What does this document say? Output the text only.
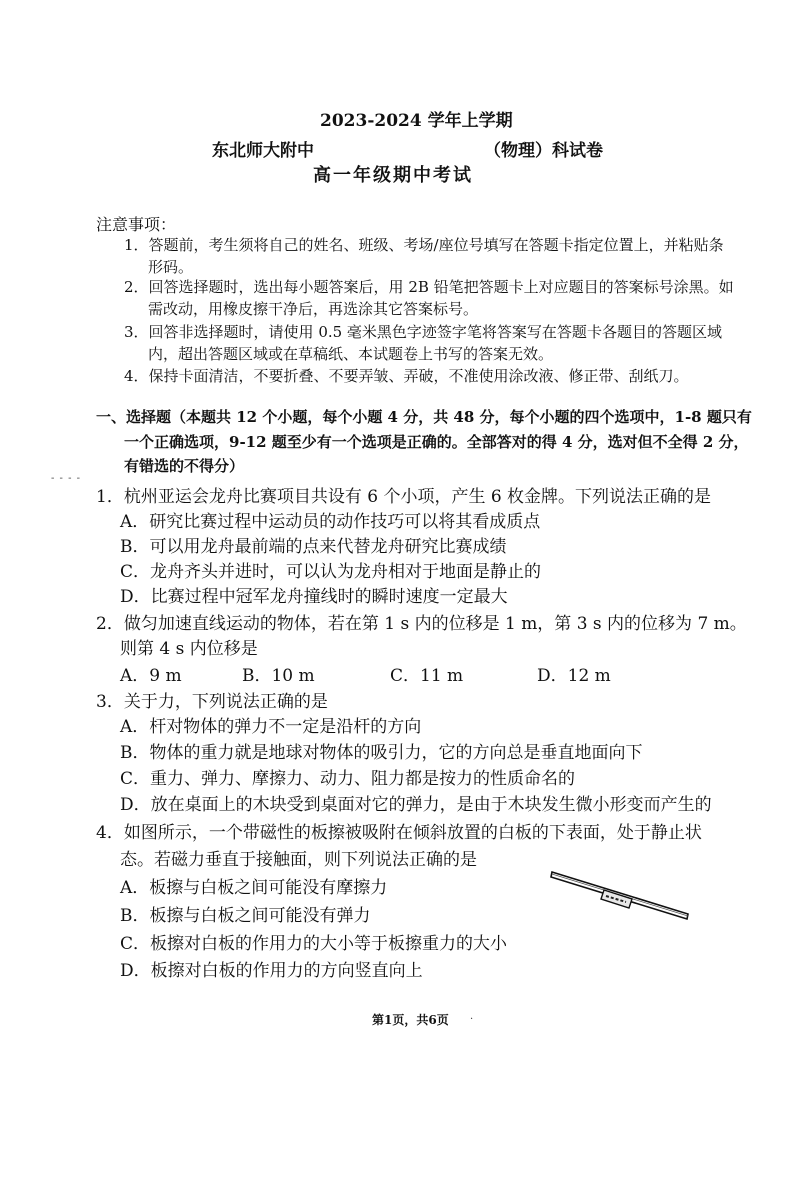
2023-2024 学年上学期
东北师大附中	（物理）科试卷
高一年级期中考试
注意事项：
1．答题前，考生须将自己的姓名、班级、考场/座位号填写在答题卡指定位置上，并粘贴条
形码。
2．回答选择题时，选出每小题答案后，用 2B 铅笔把答题卡上对应题目的答案标号涂黑。如
需改动，用橡皮擦干净后，再选涂其它答案标号。
3．回答非选择题时，请使用 0.5 毫米黑色字迹签字笔将答案写在答题卡各题目的答题区域
内，超出答题区域或在草稿纸、本试题卷上书写的答案无效。
4．保持卡面清洁，不要折叠、不要弄皱、弄破，不准使用涂改液、修正带、刮纸刀。
一、选择题（本题共 12 个小题，每个小题 4 分，共 48 分，每个小题的四个选项中，1-8 题只有
一个正确选项，9-12 题至少有一个选项是正确的。全部答对的得 4 分，选对但不全得 2 分，
有错选的不得分）
- - - -
1．杭州亚运会龙舟比赛项目共设有 6 个小项，产生 6 枚金牌。下列说法正确的是
A．研究比赛过程中运动员的动作技巧可以将其看成质点
B．可以用龙舟最前端的点来代替龙舟研究比赛成绩
C．龙舟齐头并进时，可以认为龙舟相对于地面是静止的
D．比赛过程中冠军龙舟撞线时的瞬时速度一定最大
2．做匀加速直线运动的物体，若在第 1 s 内的位移是 1 m，第 3 s 内的位移为 7 m。
则第 4 s 内位移是
A．9 m	B．10 m	C．11 m	D．12 m
3．关于力，下列说法正确的是
A．杆对物体的弹力不一定是沿杆的方向
B．物体的重力就是地球对物体的吸引力，它的方向总是垂直地面向下
C．重力、弹力、摩擦力、动力、阻力都是按力的性质命名的
D．放在桌面上的木块受到桌面对它的弹力，是由于木块发生微小形变而产生的
4．如图所示，一个带磁性的板擦被吸附在倾斜放置的白板的下表面，处于静止状
态。若磁力垂直于接触面，则下列说法正确的是
A．板擦与白板之间可能没有摩擦力
B．板擦与白板之间可能没有弹力
C．板擦对白板的作用力的大小等于板擦重力的大小
D．板擦对白板的作用力的方向竖直向上
第1页，共6页 ·
